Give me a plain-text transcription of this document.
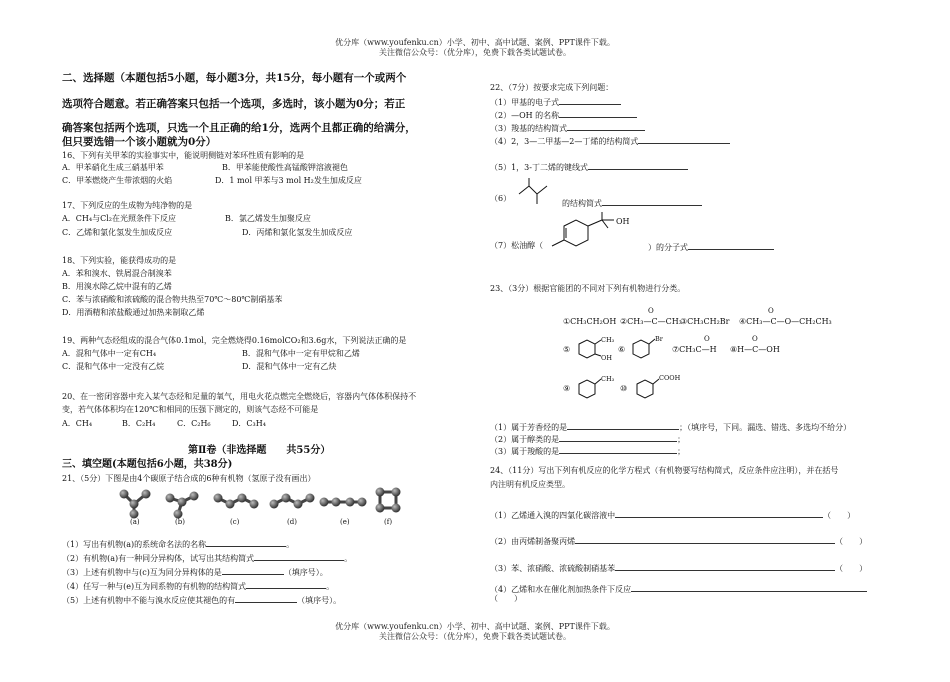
优分库（www.youfenku.cn）小学、初中、高中试题、案例、PPT课件下载。
关注微信公众号：（优分库），免费下载各类试题试卷。
二、选择题（本题包括5小题，每小题3分，共15分，每小题有一个或两个
选项符合题意。若正确答案只包括一个选项，多选时，该小题为0分；若正
确答案包括两个选项，只选一个且正确的给1分，选两个且都正确的给满分，
但只要选错一个该小题就为0分）
16、下列有关甲苯的实验事实中，能说明侧链对苯环性质有影响的是
A．甲苯硝化生成三硝基甲苯	B．甲苯能使酸性高锰酸钾溶液褪色
C．甲苯燃烧产生带浓烟的火焰	D．1 mol 甲苯与3 mol H₂发生加成反应
17、下列反应的生成物为纯净物的是
A．CH₄与Cl₂在光照条件下反应	B．氯乙烯发生加聚反应
C．乙烯和氯化氢发生加成反应	D．丙烯和氯化氢发生加成反应
18、下列实验，能获得成功的是
A．苯和溴水、铁屑混合制溴苯
B．用溴水除乙烷中混有的乙烯
C．苯与浓硝酸和浓硫酸的混合物共热至70℃～80℃制硝基苯
D．用酒精和浓盐酸通过加热来制取乙烯
19、两种气态烃组成的混合气体0.1mol，完全燃烧得0.16molCO₂和3.6g水，下列说法正确的是
A．混和气体中一定有CH₄	B．混和气体中一定有甲烷和乙烯
C．混和气体中一定没有乙烷	D．混和气体中一定有乙炔
20、在一密闭容器中充入某气态烃和足量的氧气，用电火花点燃完全燃烧后，容器内气体体积保持不
变，若气体体积均在120℃和相同的压强下测定的，则该气态烃不可能是
A．CH₄	B．C₂H₄	C．C₂H₆	D．C₃H₄
第Ⅱ卷（非选择题　　共55分）
三、填空题(本题包括6小题，共38分)
21、（5分）下图是由4个碳原子结合成的6种有机物（氢原子没有画出）
(a)	(b)	(c)	(d)	(e)	(f)
（1）写出有机物(a)的系统命名法的名称	。
（2）有机物(a)有一种同分异构体，试写出其结构简式	。
（3）上述有机物中与(c)互为同分异构体的是	（填序号）。
（4）任写一种与(e)互为同系物的有机物的结构简式	。
（5）上述有机物中不能与溴水反应使其褪色的有	（填序号）。
22、（7分）按要求完成下列问题：
（1）甲基的电子式
（2）—OH 的名称
（3）羧基的结构简式
（4）2，3—二甲基—2—丁烯的结构简式
（5）1，3-丁二烯的键线式
（6）
的结构简式
（7）松油醇（
OH
）的分子式
23、（3分）根据官能团的不同对下列有机物进行分类。
①CH₃CH₂OH ②CH₃—C—CH₃
O
③CH₃CH₂Br ④CH₃—C—O—CH₂CH₃
O
⑤
CH₃
OH
⑥
Br
⑦CH₃C—H
O
⑧H—C—OH
O
⑨
CH₃
⑩
COOH
（1）属于芳香烃的是	；（填序号，下同。漏选、错选、多选均不给分）
（2）属于醇类的是	；
（3）属于羧酸的是	；
24、（11分）写出下列有机反应的化学方程式（有机物要写结构简式，反应条件应注明），并在括号
内注明有机反应类型。
（1）乙烯通入溴的四氯化碳溶液中	（　　）
（2）由丙烯制备聚丙烯	（　　）
（3）苯、浓硝酸、浓硫酸制硝基苯	（　　）
（4）乙烯和水在催化剂加热条件下反应
（　　）
优分库（www.youfenku.cn）小学、初中、高中试题、案例、PPT课件下载。
关注微信公众号：（优分库），免费下载各类试题试卷。
